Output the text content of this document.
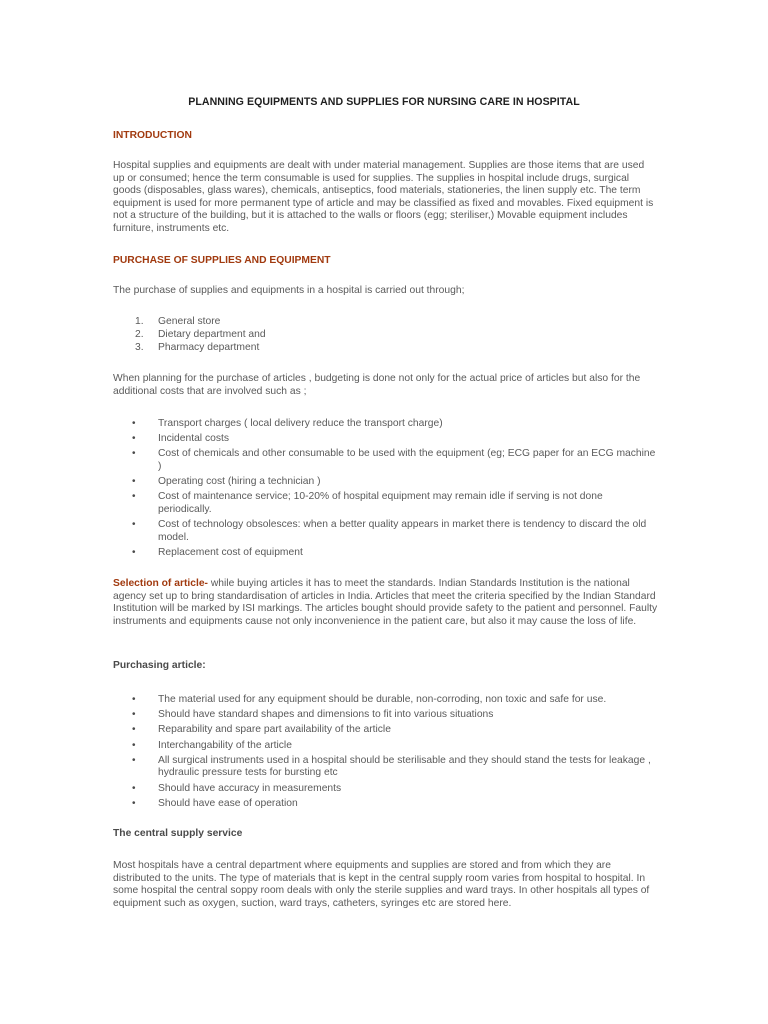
PLANNING EQUIPMENTS AND SUPPLIES FOR NURSING CARE IN HOSPITAL
INTRODUCTION

Hospital supplies and equipments are dealt with under material management. Supplies are those items that are used up or consumed; hence the term consumable is used for supplies. The supplies in hospital include drugs, surgical goods (disposables, glass wares), chemicals, antiseptics, food materials, stationeries, the linen supply etc. The term equipment is used for more permanent type of article and may be classified as fixed and movables. Fixed equipment is not a structure of the building, but it is attached to the walls or floors (egg; steriliser,) Movable equipment includes furniture, instruments etc.

PURCHASE OF SUPPLIES AND EQUIPMENT

The purchase of supplies and equipments in a hospital is carried out through;

1. General store
2. Dietary department and
3. Pharmacy department

When planning for the purchase of articles , budgeting is done not only for the actual price of articles but also for the additional costs that are involved such as ;

• Transport charges ( local delivery reduce the transport charge)
• Incidental costs
• Cost of chemicals and other consumable to be used with the equipment (eg; ECG paper for an ECG machine )
• Operating cost (hiring a technician )
• Cost of maintenance service; 10-20% of hospital equipment may remain idle if serving is not done periodically.
• Cost of technology obsolesces: when a better quality appears in market there is tendency to discard the old model.
• Replacement cost of equipment

Selection of article- while buying articles it has to meet the standards. Indian Standards Institution is the national agency set up to bring standardisation of articles in India. Articles that meet the criteria specified by the Indian Standard Institution will be marked by ISI markings. The articles bought should provide safety to the patient and personnel. Faulty instruments and equipments cause not only inconvenience in the patient care, but also it may cause the loss of life.

Purchasing article:
• The material used for any equipment should be durable, non-corroding, non toxic and safe for use.
• Should have standard shapes and dimensions to fit into various situations
• Reparability and spare part availability of the article
• Interchangability of the article
• All surgical instruments used in a hospital should be sterilisable and they should stand the tests for leakage , hydraulic pressure tests for bursting etc
• Should have accuracy in measurements
• Should have ease of operation
The central supply service

Most hospitals have a central department where equipments and supplies are stored and from which they are distributed to the units. The type of materials that is kept in the central supply room varies from hospital to hospital. In some hospital the central soppy room deals with only the sterile supplies and ward trays. In other hospitals all types of equipment such as oxygen, suction, ward trays, catheters, syringes etc are stored here.
